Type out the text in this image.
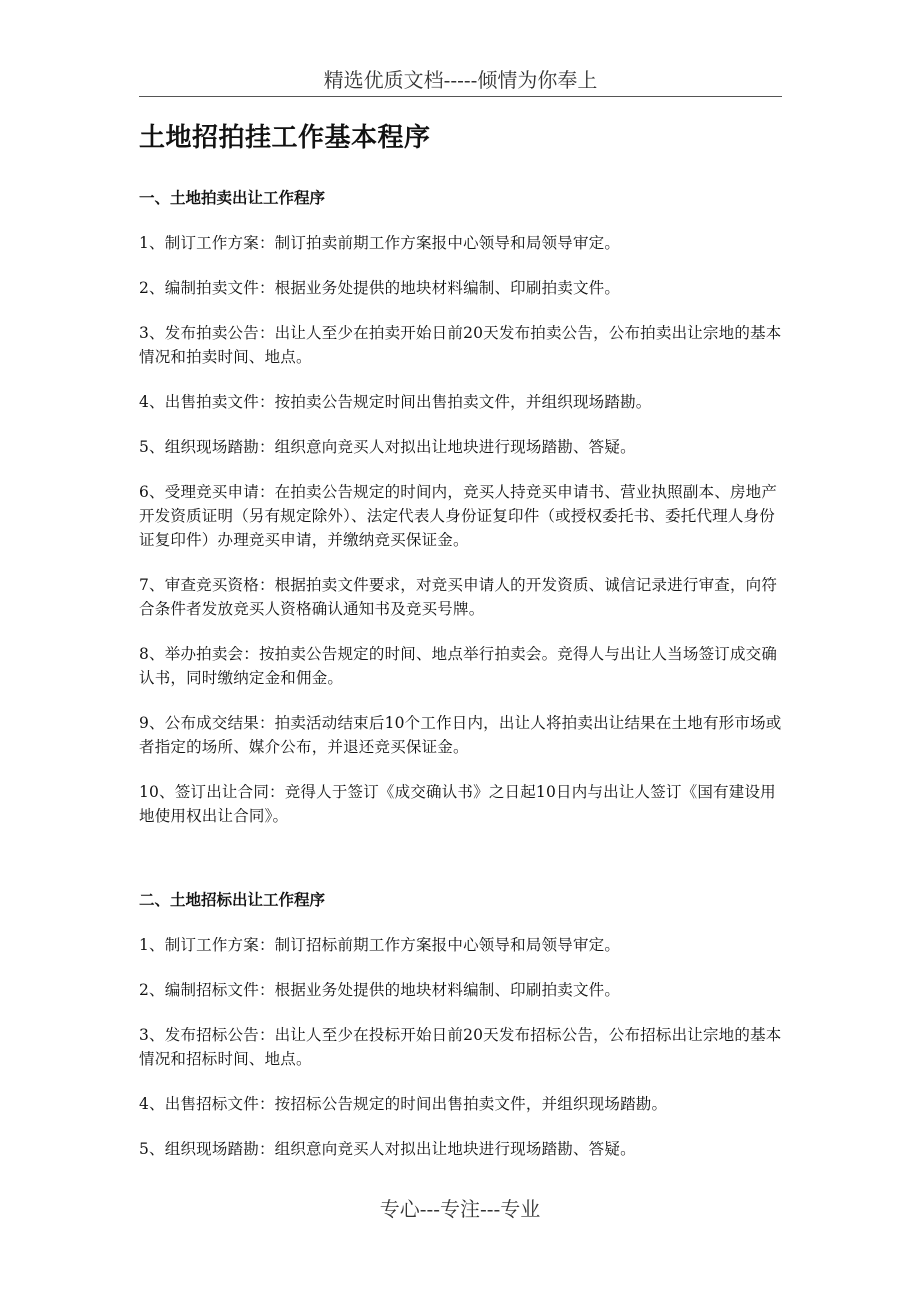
精选优质文档-----倾情为你奉上
土地招拍挂工作基本程序

一、土地拍卖出让工作程序

1、制订工作方案：制订拍卖前期工作方案报中心领导和局领导审定。

2、编制拍卖文件：根据业务处提供的地块材料编制、印刷拍卖文件。

3、发布拍卖公告：出让人至少在拍卖开始日前20天发布拍卖公告，公布拍卖出让宗地的基本情况和拍卖时间、地点。

4、出售拍卖文件：按拍卖公告规定时间出售拍卖文件，并组织现场踏勘。

5、组织现场踏勘：组织意向竞买人对拟出让地块进行现场踏勘、答疑。

6、受理竞买申请：在拍卖公告规定的时间内，竞买人持竞买申请书、营业执照副本、房地产开发资质证明（另有规定除外）、法定代表人身份证复印件（或授权委托书、委托代理人身份证复印件）办理竞买申请，并缴纳竞买保证金。

7、审查竞买资格：根据拍卖文件要求，对竞买申请人的开发资质、诚信记录进行审查，向符合条件者发放竞买人资格确认通知书及竞买号牌。

8、举办拍卖会：按拍卖公告规定的时间、地点举行拍卖会。竞得人与出让人当场签订成交确认书，同时缴纳定金和佣金。

9、公布成交结果：拍卖活动结束后10个工作日内，出让人将拍卖出让结果在土地有形市场或者指定的场所、媒介公布，并退还竞买保证金。

10、签订出让合同：竞得人于签订《成交确认书》之日起10日内与出让人签订《国有建设用地使用权出让合同》。

二、土地招标出让工作程序

1、制订工作方案：制订招标前期工作方案报中心领导和局领导审定。

2、编制招标文件：根据业务处提供的地块材料编制、印刷拍卖文件。

3、发布招标公告：出让人至少在投标开始日前20天发布招标公告，公布招标出让宗地的基本情况和招标时间、地点。

4、出售招标文件：按招标公告规定的时间出售拍卖文件，并组织现场踏勘。

5、组织现场踏勘：组织意向竞买人对拟出让地块进行现场踏勘、答疑。

专心---专注---专业
